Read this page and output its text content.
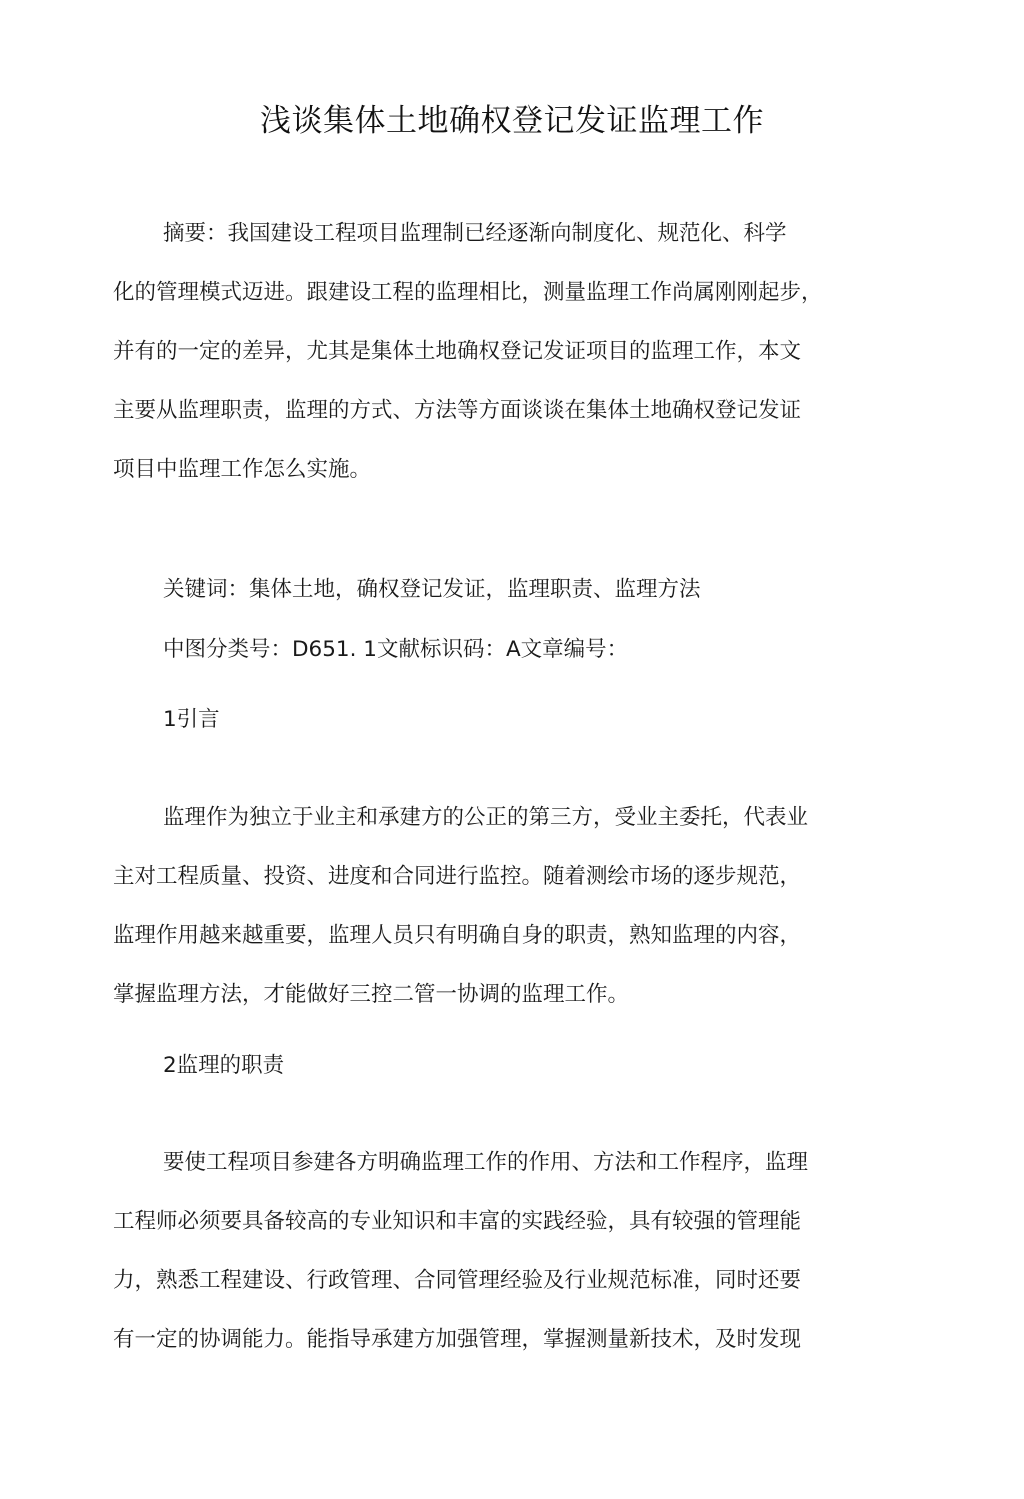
浅谈集体土地确权登记发证监理工作
摘要：我国建设工程项目监理制已经逐渐向制度化、规范化、科学
化的管理模式迈进。跟建设工程的监理相比，测量监理工作尚属刚刚起步，
并有的一定的差异，尤其是集体土地确权登记发证项目的监理工作，本文
主要从监理职责，监理的方式、方法等方面谈谈在集体土地确权登记发证
项目中监理工作怎么实施。
关键词：集体土地，确权登记发证，监理职责、监理方法
中图分类号：D651. 1文献标识码：A文章编号：
1引言
监理作为独立于业主和承建方的公正的第三方，受业主委托，代表业
主对工程质量、投资、进度和合同进行监控。随着测绘市场的逐步规范，
监理作用越来越重要，监理人员只有明确自身的职责，熟知监理的内容，
掌握监理方法，才能做好三控二管一协调的监理工作。
2监理的职责
要使工程项目参建各方明确监理工作的作用、方法和工作程序，监理
工程师必须要具备较高的专业知识和丰富的实践经验，具有较强的管理能
力，熟悉工程建设、行政管理、合同管理经验及行业规范标准，同时还要
有一定的协调能力。能指导承建方加强管理，掌握测量新技术，及时发现
